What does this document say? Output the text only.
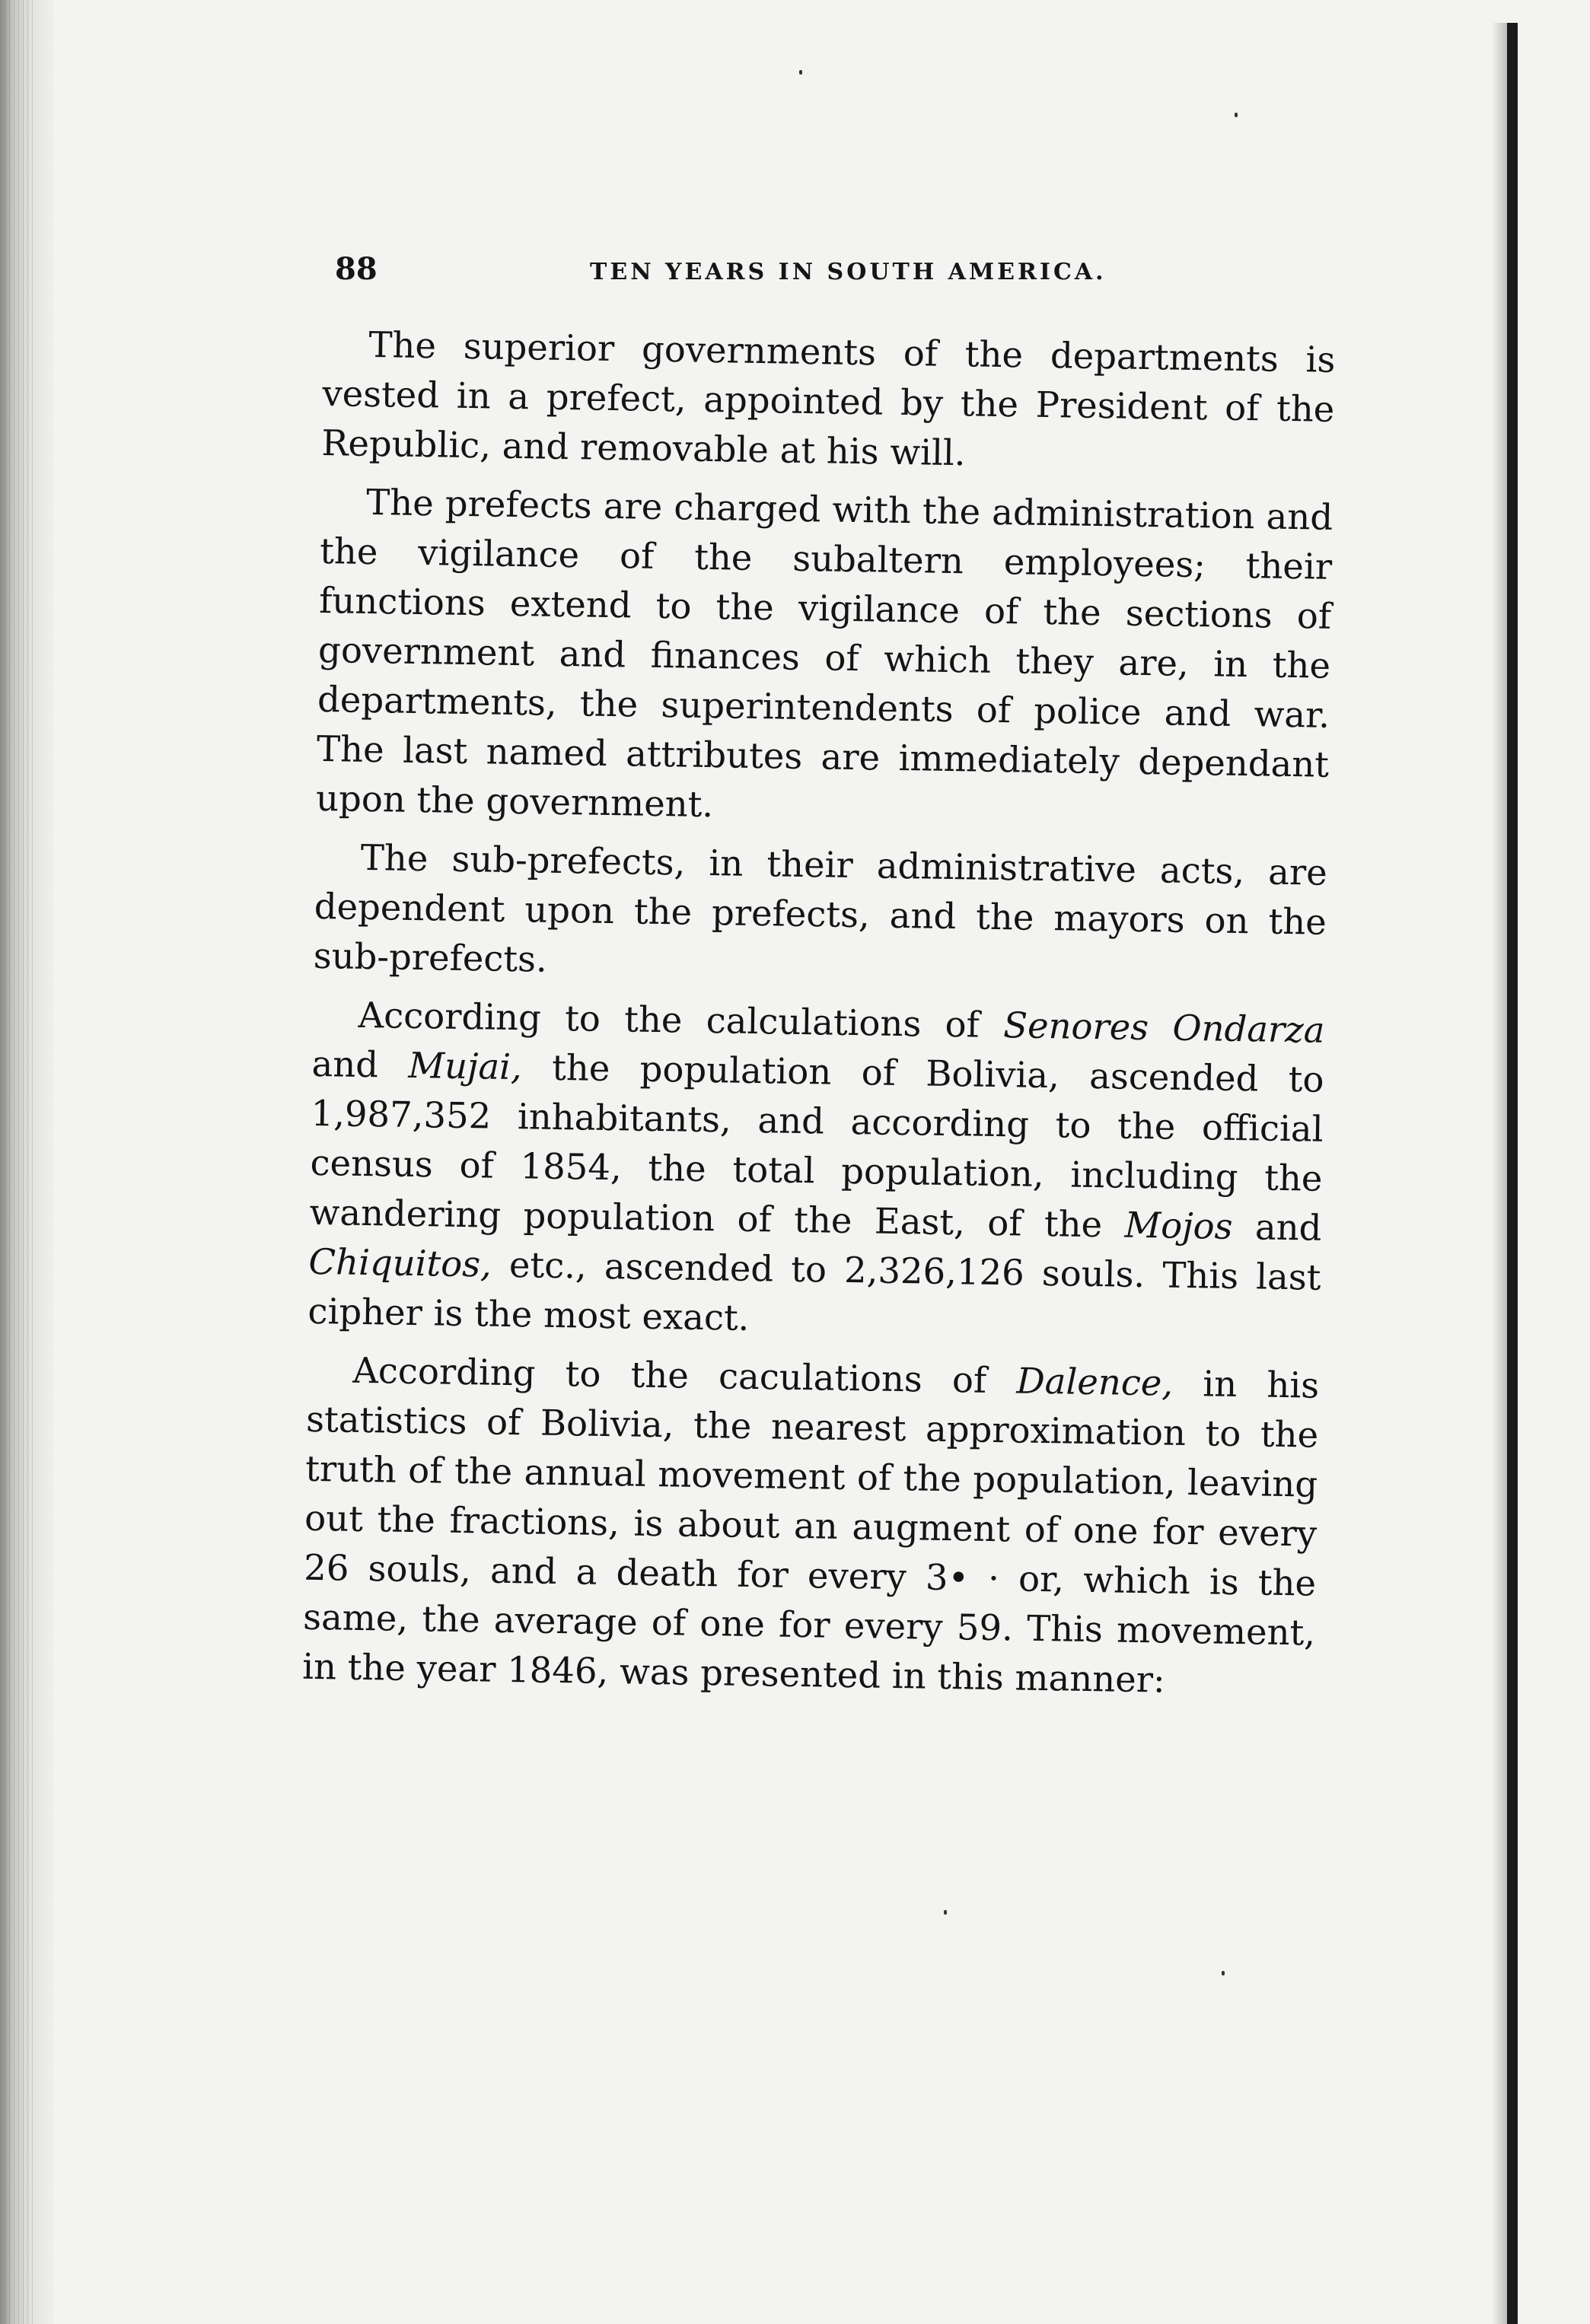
88	TEN YEARS IN SOUTH AMERICA.

The superior governments of the departments is vested in a prefect, appointed by the President of the Republic, and removable at his will.

The prefects are charged with the administration and the vigilance of the subaltern employees; their functions extend to the vigilance of the sections of government and finances of which they are, in the departments, the superintendents of police and war. The last named attributes are immediately dependant upon the government.

The sub-prefects, in their administrative acts, are dependent upon the prefects, and the mayors on the sub-prefects.

According to the calculations of Senores Ondarza and Mujai, the population of Bolivia, ascended to 1,987,352 inhabitants, and according to the official census of 1854, the total population, including the wandering population of the East, of the Mojos and Chiquitos, etc., ascended to 2,326,126 souls. This last cipher is the most exact.

According to the caculations of Dalence, in his statistics of Bolivia, the nearest approximation to the truth of the annual movement of the population, leaving out the fractions, is about an augment of one for every 26 souls, and a death for every 3• · or, which is the same, the average of one for every 59. This movement, in the year 1846, was presented in this manner:
